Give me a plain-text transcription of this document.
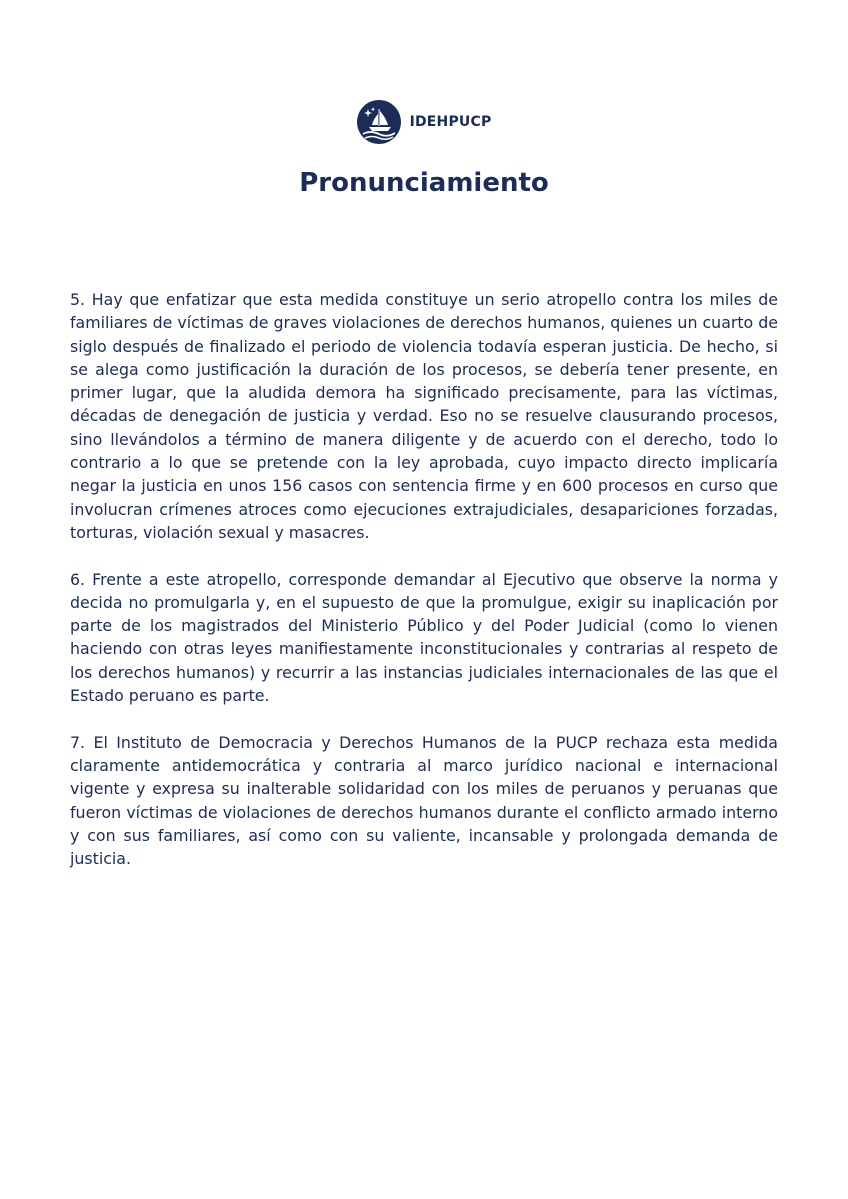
IDEHPUCP
Pronunciamiento

5. Hay que enfatizar que esta medida constituye un serio atropello contra los miles de familiares de víctimas de graves violaciones de derechos humanos, quienes un cuarto de siglo después de finalizado el periodo de violencia todavía esperan justicia. De hecho, si se alega como justificación la duración de los procesos, se debería tener presente, en primer lugar, que la aludida demora ha significado precisamente, para las víctimas, décadas de denegación de justicia y verdad. Eso no se resuelve clausurando procesos, sino llevándolos a término de manera diligente y de acuerdo con el derecho, todo lo contrario a lo que se pretende con la ley aprobada, cuyo impacto directo implicaría negar la justicia en unos 156 casos con sentencia firme y en 600 procesos en curso que involucran crímenes atroces como ejecuciones extrajudiciales, desapariciones forzadas, torturas, violación sexual y masacres.

6. Frente a este atropello, corresponde demandar al Ejecutivo que observe la norma y decida no promulgarla y, en el supuesto de que la promulgue, exigir su inaplicación por parte de los magistrados del Ministerio Público y del Poder Judicial (como lo vienen haciendo con otras leyes manifiestamente inconstitucionales y contrarias al respeto de los derechos humanos) y recurrir a las instancias judiciales internacionales de las que el Estado peruano es parte.

7. El Instituto de Democracia y Derechos Humanos de la PUCP rechaza esta medida claramente antidemocrática y contraria al marco jurídico nacional e internacional vigente y expresa su inalterable solidaridad con los miles de peruanos y peruanas que fueron víctimas de violaciones de derechos humanos durante el conflicto armado interno y con sus familiares, así como con su valiente, incansable y prolongada demanda de justicia.
